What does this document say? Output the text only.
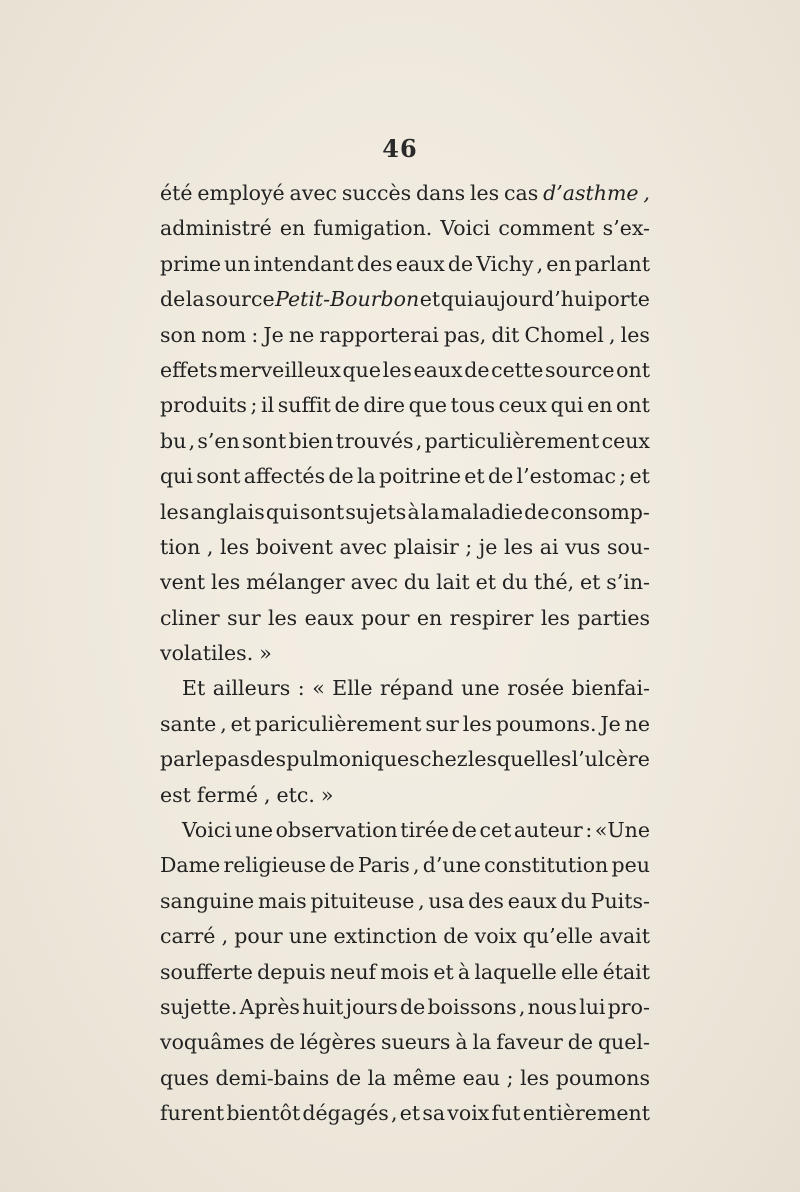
46
été employé avec succès dans les cas d’asthme ,
administré en fumigation. Voici comment s’ex-
prime un intendant des eaux de Vichy , en parlant
de la source Petit-Bourbon et qui aujourd’hui porte
son nom : Je ne rapporterai pas, dit Chomel , les
effets merveilleux que les eaux de cette source ont
produits ; il suffit de dire que tous ceux qui en ont
bu , s’en sont bien trouvés , particulièrement ceux
qui sont affectés de la poitrine et de l’estomac ; et
les anglais qui sont sujets à la maladie de consomp-
tion , les boivent avec plaisir ; je les ai vus sou-
vent les mélanger avec du lait et du thé, et s’in-
cliner sur les eaux pour en respirer les parties
volatiles. »
Et ailleurs : « Elle répand une rosée bienfai-
sante , et pariculièrement sur les poumons. Je ne
parle pas des pulmoniques chez lesquelles l’ulcère
est fermé , etc. »
Voici une observation tirée de cet auteur : «Une
Dame religieuse de Paris , d’une constitution peu
sanguine mais pituiteuse , usa des eaux du Puits-
carré , pour une extinction de voix qu’elle avait
soufferte depuis neuf mois et à laquelle elle était
sujette. Après huit jours de boissons , nous lui pro-
voquâmes de légères sueurs à la faveur de quel-
ques demi-bains de la même eau ; les poumons
furent bientôt dégagés , et sa voix fut entièrement
